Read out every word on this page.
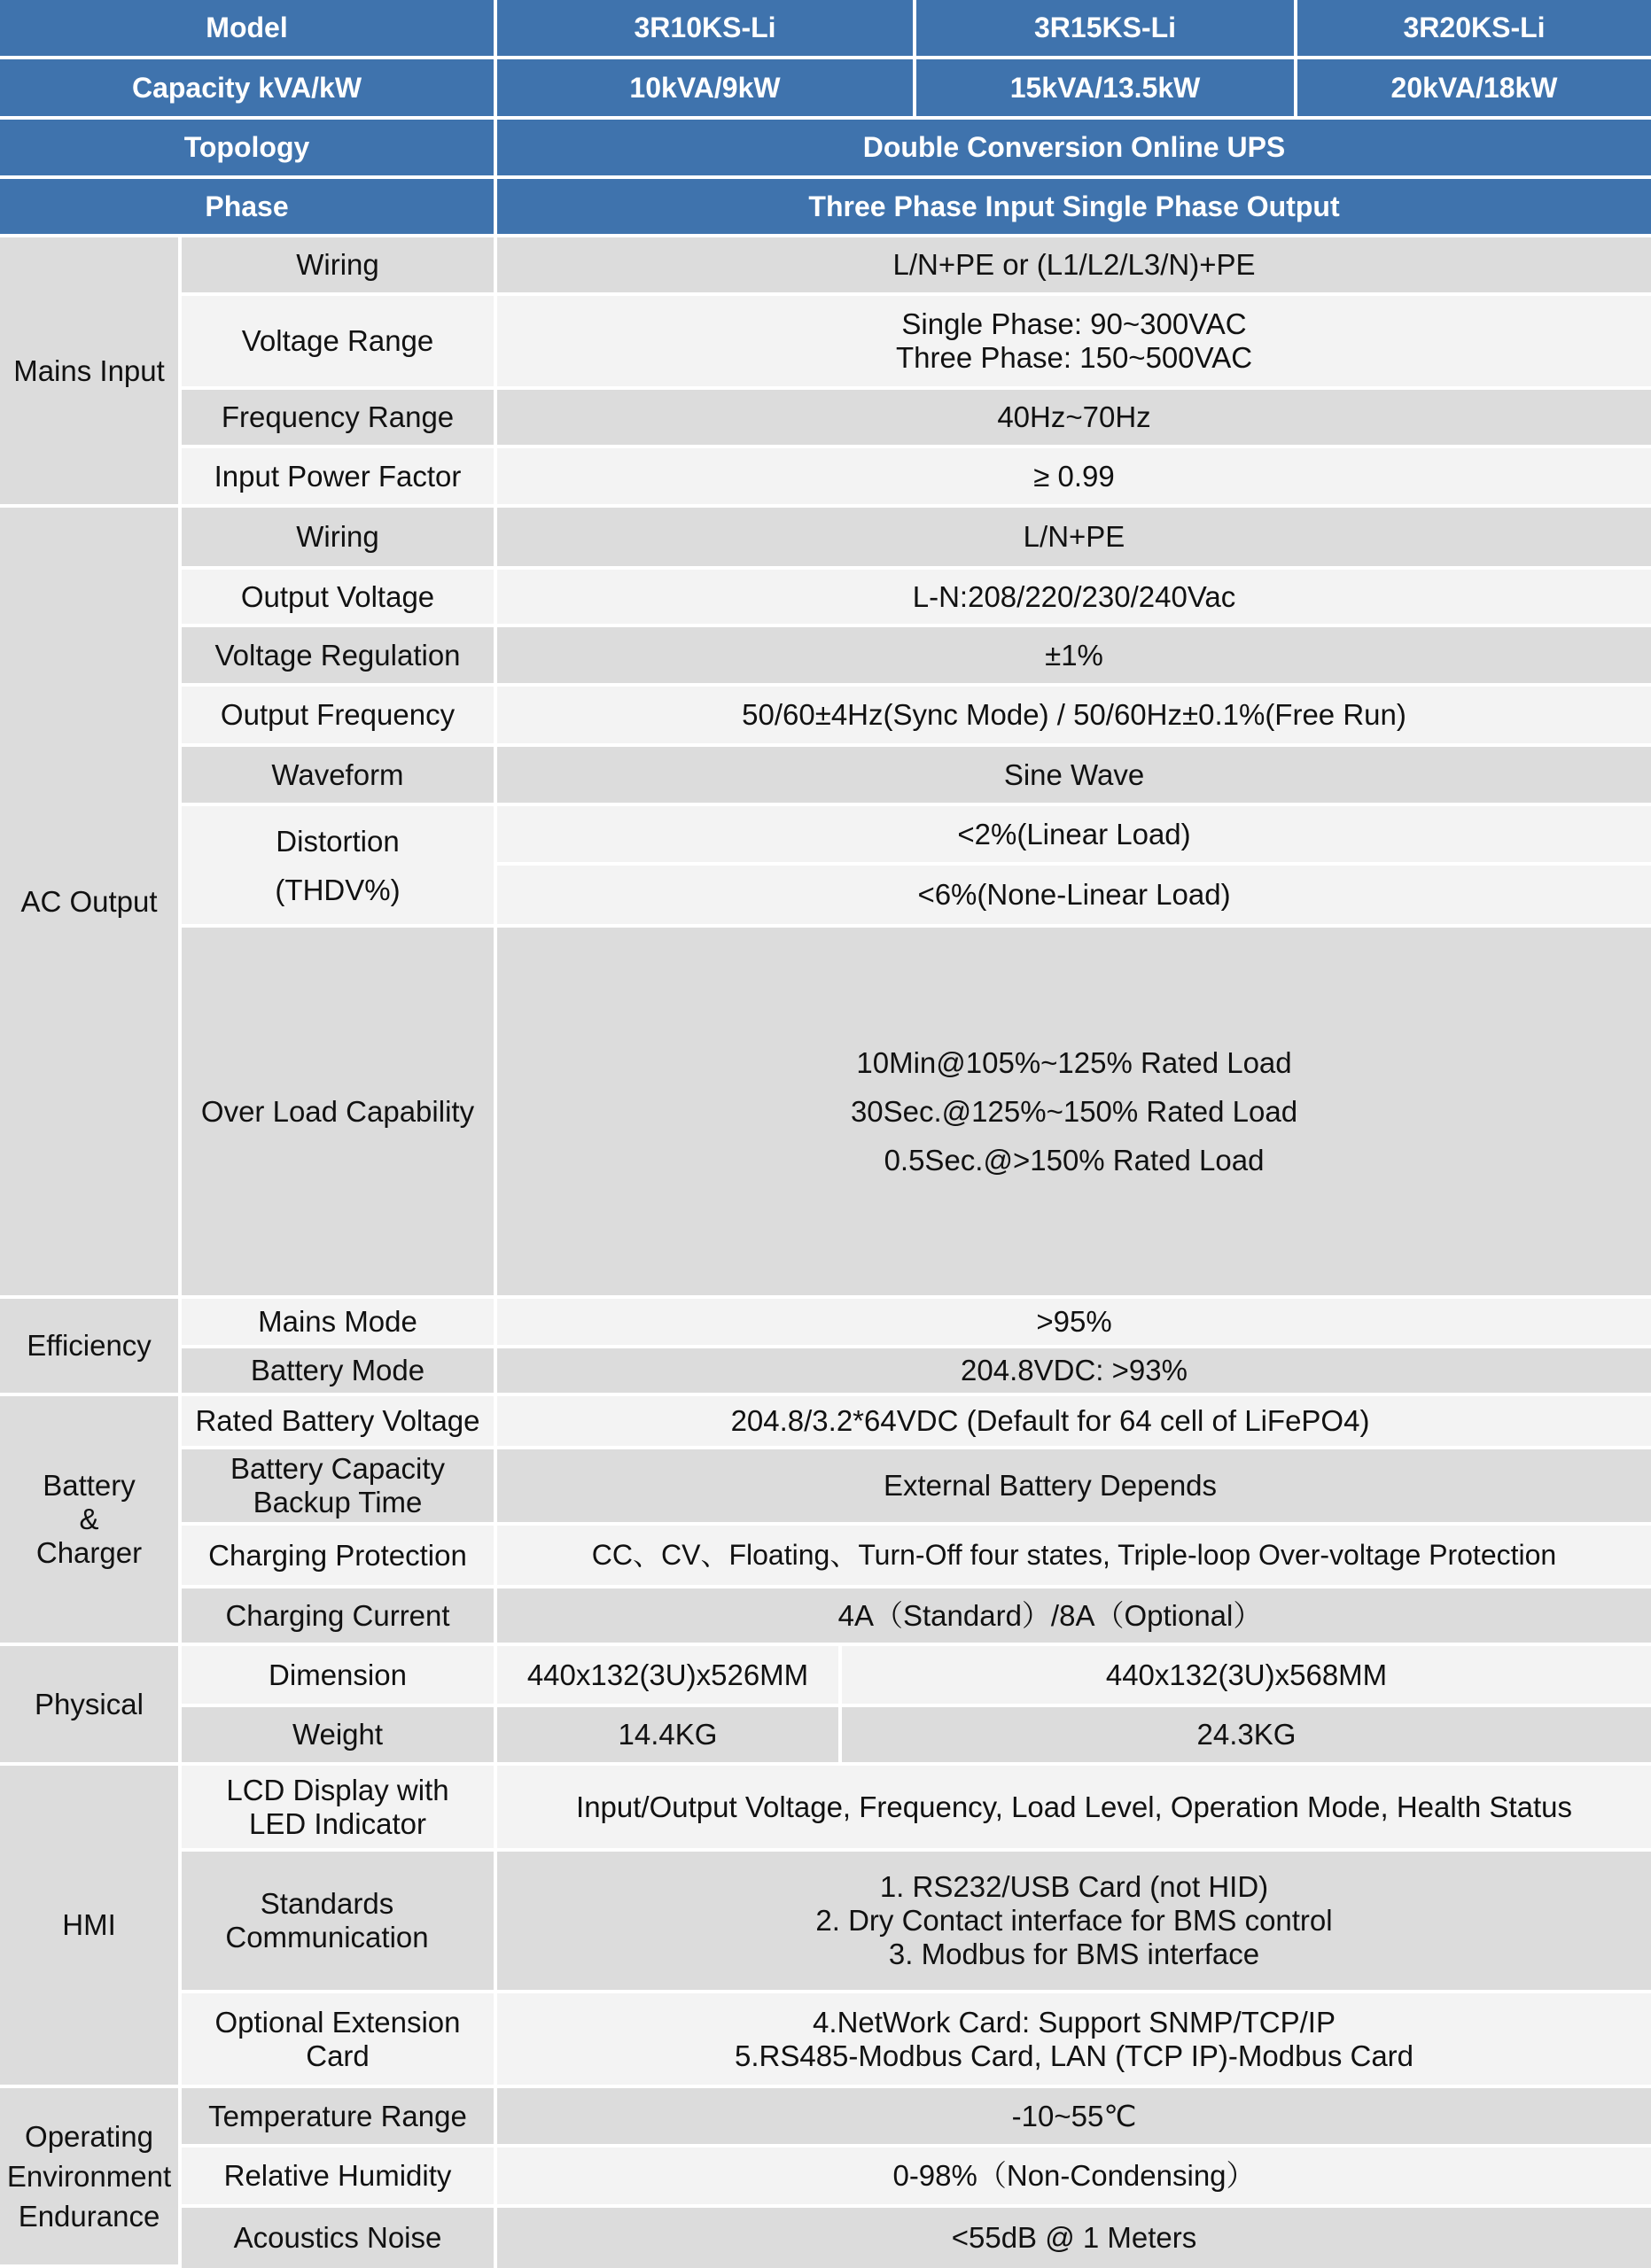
Model		3R10KS-Li		3R15KS-Li	3R20KS-Li
Capacity kVA/kW		10kVA/9kW		15kVA/13.5kW	20kVA/18kW
Topology		Double Conversion Online UPS			
Phase		Three Phase Input Single Phase Output			
Mains Input	Wiring	L/N+PE or (L1/L2/L3/N)+PE			
	Voltage Range	Single Phase: 90~300VAC
Three Phase: 150~500VAC			

	Frequency Range	40Hz~70Hz			
	Input Power Factor	≥ 0.99			
AC Output	Wiring	L/N+PE			
	Output Voltage	L-N:208/220/230/240Vac			
	Voltage Regulation	±1%			
	Output Frequency	50/60±4Hz(Sync Mode) / 50/60Hz±0.1%(Free Run)			
	Waveform	Sine Wave			

	Distortion
(THDV%)	<2%(Linear Load)			
		<6%(None-Linear Load)			
	Over Load Capability	10Min@105%~125% Rated Load
30Sec.@125%~150% Rated Load
0.5Sec.@>150% Rated Load			

Efficiency	Mains Mode	>95%			
	Battery Mode	204.8VDC: >93%			

Battery
&
Charger	Rated Battery Voltage	204.8/3.2*64VDC (Default for 64 cell of LiFePO4)			

	Battery Capacity
Backup Time	External Battery Depends			
	Charging Protection	CC、CV、Floating、Turn-Off four states, Triple-loop Over-voltage Protection			
	Charging Current	4A（Standard）/8A（Optional）			
Physical	Dimension	440x132(3U)x526MM	440x132(3U)x568MM		
	Weight	14.4KG	24.3KG		
HMI	LCD Display with
LED Indicator	Input/Output Voltage, Frequency, Load Level, Operation Mode, Health Status			

	Standards
Communication	1. RS232/USB Card (not HID)
2. Dry Contact interface for BMS control
3. Modbus for BMS interface			

	Optional Extension
Card	4.NetWork Card: Support SNMP/TCP/IP
5.RS485-Modbus Card, LAN (TCP IP)-Modbus Card			

Operating
Environment
Endurance	Temperature Range	-10~55℃			
	Relative Humidity	0-98%（Non-Condensing）			
	Acoustics Noise	<55dB @ 1 Meters			
